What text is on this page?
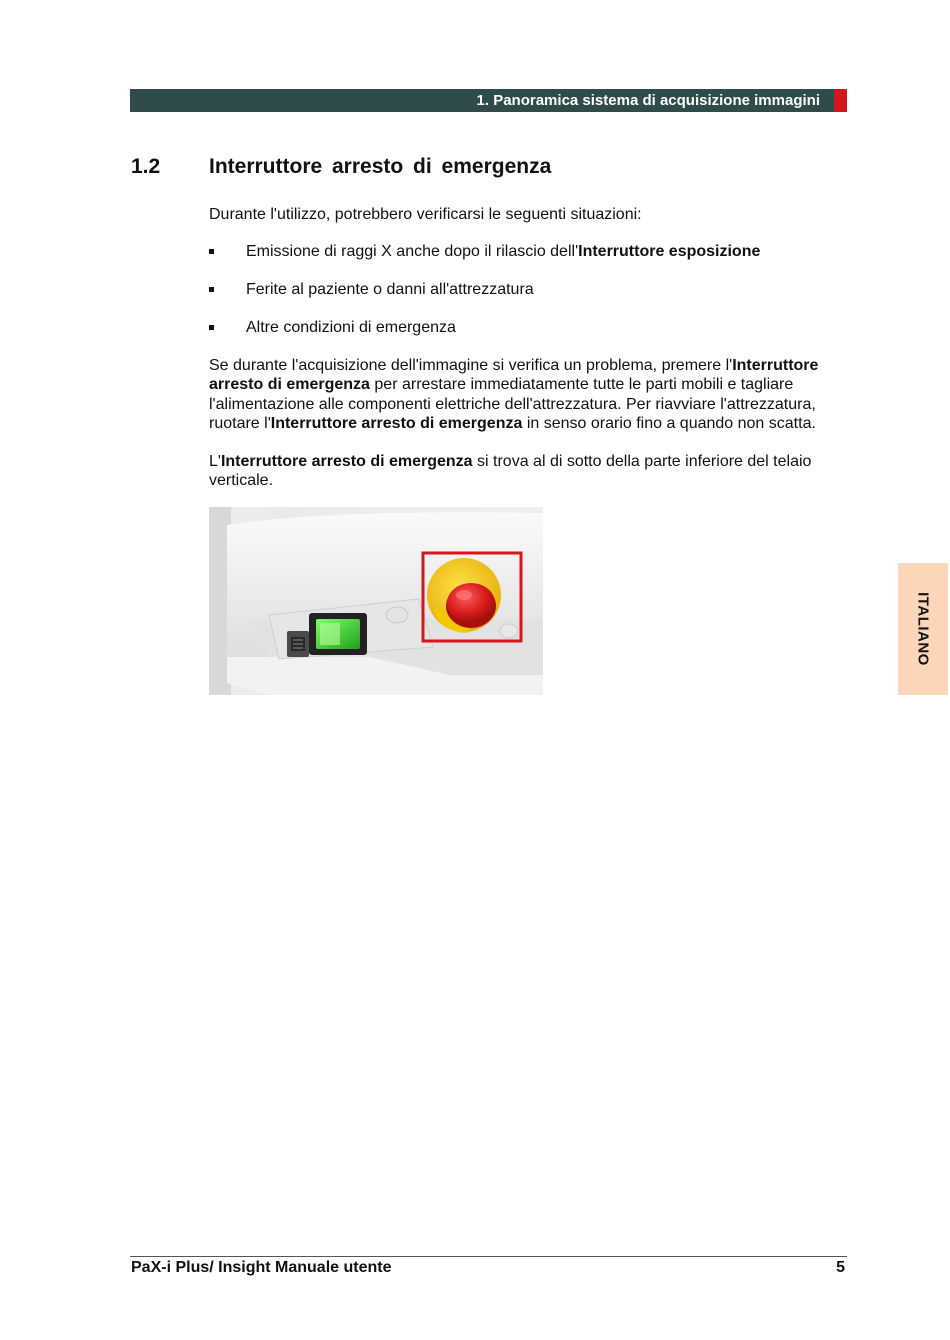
1. Panoramica sistema di acquisizione immagini
1.2 Interruttore arresto di emergenza

Durante l'utilizzo, potrebbero verificarsi le seguenti situazioni:

Emissione di raggi X anche dopo il rilascio dell'Interruttore esposizione
Ferite al paziente o danni all'attrezzatura
Altre condizioni di emergenza

Se durante l'acquisizione dell'immagine si verifica un problema, premere l'Interruttore arresto di emergenza per arrestare immediatamente tutte le parti mobili e tagliare l'alimentazione alle componenti elettriche dell'attrezzatura. Per riavviare l'attrezzatura, ruotare l'Interruttore arresto di emergenza in senso orario fino a quando non scatta.

L'Interruttore arresto di emergenza si trova al di sotto della parte inferiore del telaio verticale.

ITALIANO
PaX-i Plus/ Insight Manuale utente	5
